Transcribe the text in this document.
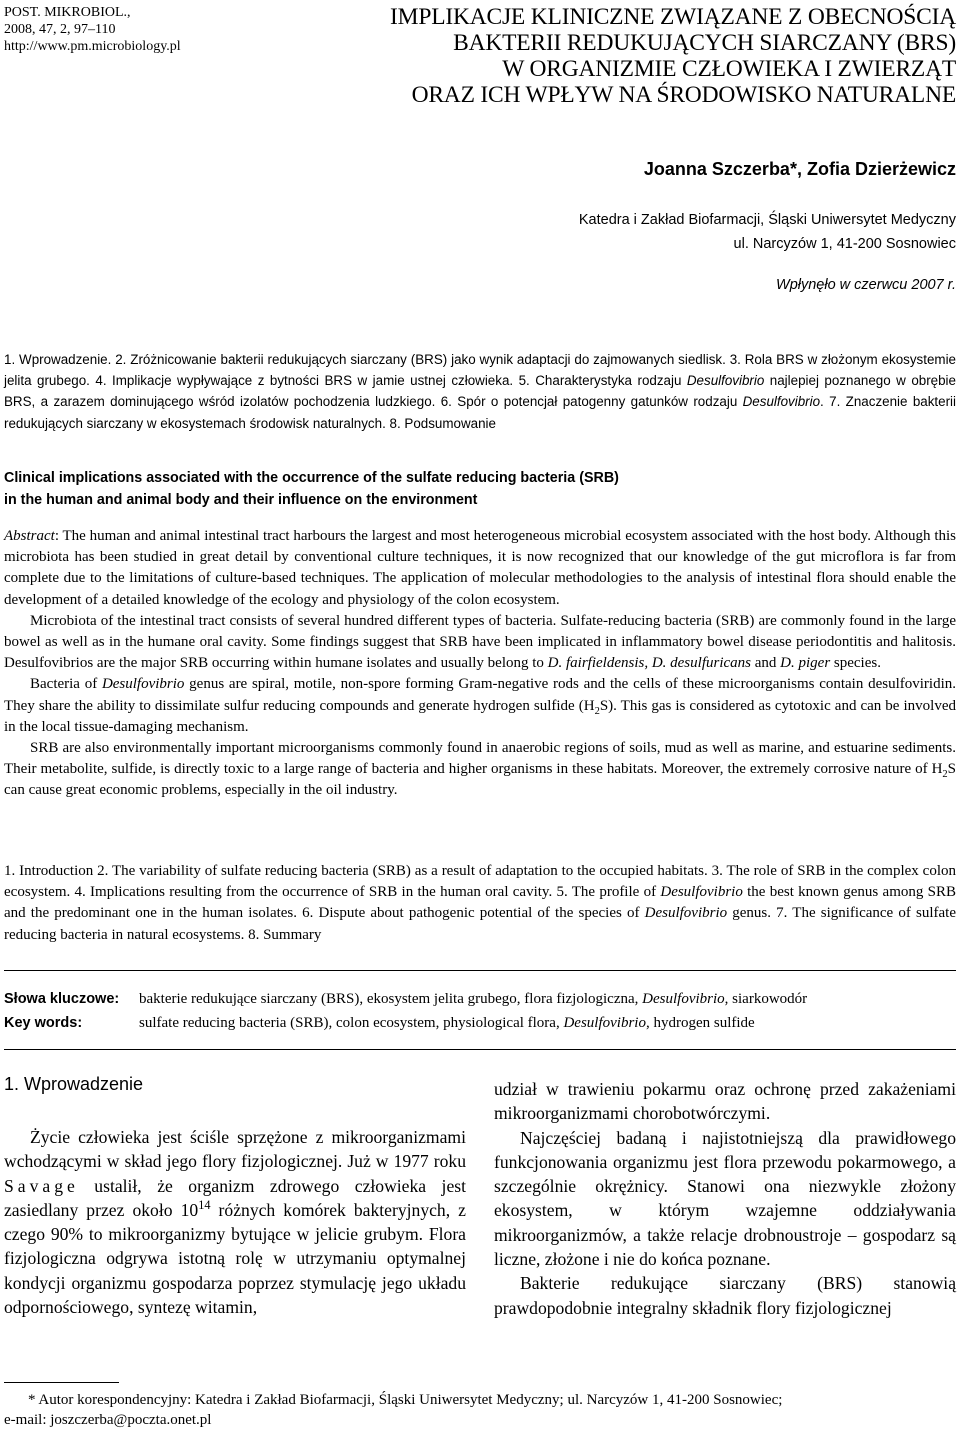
POST. MIKROBIOL.,
2008, 47, 2, 97–110
http://www.pm.microbiology.pl
IMPLIKACJE KLINICZNE ZWIĄZANE Z OBECNOŚCIĄ
BAKTERII REDUKUJĄCYCH SIARCZANY (BRS)
W ORGANIZMIE CZŁOWIEKA I ZWIERZĄT
ORAZ ICH WPŁYW NA ŚRODOWISKO NATURALNE
Joanna Szczerba*, Zofia Dzierżewicz
Katedra i Zakład Biofarmacji, Śląski Uniwersytet Medyczny
ul. Narcyzów 1, 41-200 Sosnowiec
Wpłynęło w czerwcu 2007 r.
1. Wprowadzenie. 2. Zróżnicowanie bakterii redukujących siarczany (BRS) jako wynik adaptacji do zajmowanych siedlisk. 3. Rola BRS w złożonym ekosystemie jelita grubego. 4. Implikacje wypływające z bytności BRS w jamie ustnej człowieka. 5. Charakterystyka rodzaju Desulfovibrio najlepiej poznanego w obrębie BRS, a zarazem dominującego wśród izolatów pochodzenia ludzkiego. 6. Spór o potencjał patogenny gatunków rodzaju Desulfovibrio. 7. Znaczenie bakterii redukujących siarczany w ekosystemach środowisk naturalnych. 8. Podsumowanie
Clinical implications associated with the occurrence of the sulfate reducing bacteria (SRB)
in the human and animal body and their influence on the environment

Abstract: The human and animal intestinal tract harbours the largest and most heterogeneous microbial ecosystem associated with the host body. Although this microbiota has been studied in great detail by conventional culture techniques, it is now recognized that our knowledge of the gut microflora is far from complete due to the limitations of culture-based techniques. The application of molecular methodologies to the analysis of intestinal flora should enable the development of a detailed knowledge of the ecology and physiology of the colon ecosystem.

Microbiota of the intestinal tract consists of several hundred different types of bacteria. Sulfate-reducing bacteria (SRB) are commonly found in the large bowel as well as in the humane oral cavity. Some findings suggest that SRB have been implicated in inflammatory bowel disease periodontitis and halitosis. Desulfovibrios are the major SRB occurring within humane isolates and usually belong to D. fairfieldensis, D. desulfuricans and D. piger species.

Bacteria of Desulfovibrio genus are spiral, motile, non-spore forming Gram-negative rods and the cells of these microorganisms contain desulfoviridin. They share the ability to dissimilate sulfur reducing compounds and generate hydrogen sulfide $(H_2S)$. This gas is considered as cytotoxic and can be involved in the local tissue-damaging mechanism.

SRB are also environmentally important microorganisms commonly found in anaerobic regions of soils, mud as well as marine, and estuarine sediments. Their metabolite, sulfide, is directly toxic to a large range of bacteria and higher organisms in these habitats. Moreover, the extremely corrosive nature of $H_2S$ can cause great economic problems, especially in the oil industry.

1. Introduction 2. The variability of sulfate reducing bacteria (SRB) as a result of adaptation to the occupied habitats. 3. The role of SRB in the complex colon ecosystem. 4. Implications resulting from the occurrence of SRB in the human oral cavity. 5. The profile of Desulfovibrio the best known genus among SRB and the predominant one in the human isolates. 6. Dispute about pathogenic potential of the species of Desulfovibrio genus. 7. The significance of sulfate reducing bacteria in natural ecosystems. 8. Summary
Słowa kluczowe:	bakterie redukujące siarczany (BRS), ekosystem jelita grubego, flora fizjologiczna, Desulfovibrio, siarkowodór
Key words:	sulfate reducing bacteria (SRB), colon ecosystem, physiological flora, Desulfovibrio, hydrogen sulfide
1. Wprowadzenie

Życie człowieka jest ściśle sprzężone z mikroorganizmami wchodzącymi w skład jego flory fizjologicznej. Już w 1977 roku Savage ustalił, że organizm zdrowego człowieka jest zasiedlany przez około $10^{14}$ różnych komórek bakteryjnych, z czego 90% to mikroorganizmy bytujące w jelicie grubym. Flora fizjologiczna odgrywa istotną rolę w utrzymaniu optymalnej kondycji organizmu gospodarza poprzez stymulację jego układu odpornościowego, syntezę witamin,

udział w trawieniu pokarmu oraz ochronę przed zakażeniami mikroorganizmami chorobotwórczymi.

Najczęściej badaną i najistotniejszą dla prawidłowego funkcjonowania organizmu jest flora przewodu pokarmowego, a szczególnie okrężnicy. Stanowi ona niezwykle złożony ekosystem, w którym wzajemne oddziaływania mikroorganizmów, a także relacje drobnoustroje – gospodarz są liczne, złożone i nie do końca poznane.

Bakterie redukujące siarczany (BRS) stanowią prawdopodobnie integralny składnik flory fizjologicznej

* Autor korespondencyjny: Katedra i Zakład Biofarmacji, Śląski Uniwersytet Medyczny; ul. Narcyzów 1, 41-200 Sosnowiec;
e-mail: joszczerba@poczta.onet.pl
